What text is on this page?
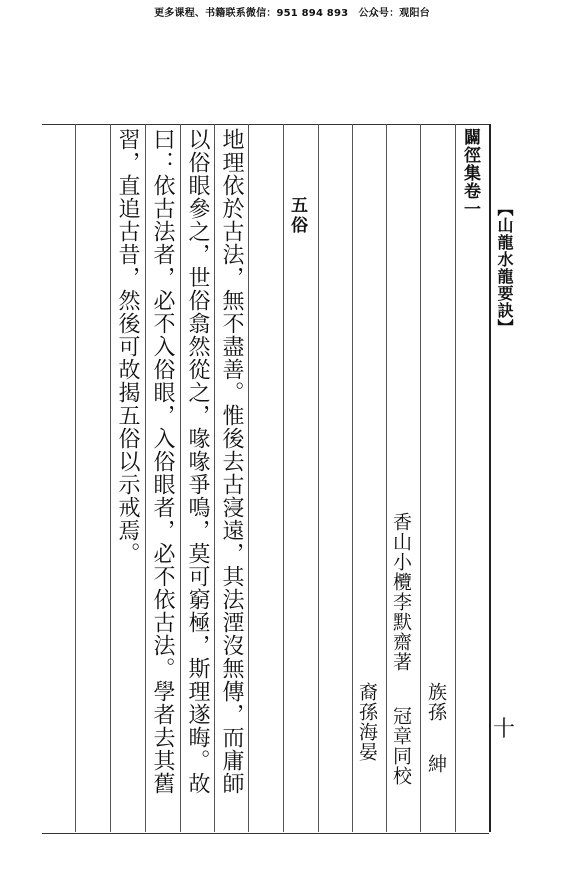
更多课程、书籍联系微信：951 894 893　公众号：观阳台
【山龍水龍要訣】
十
闢徑集卷一
族孫
紳
香山小欖李默齋著
冠章同校
裔孫海晏
五俗
地理依於古法，無不盡善。惟後去古寖遠，其法湮沒無傳，而庸師
以俗眼參之，世俗翕然從之，喙喙爭鳴，莫可窮極，斯理遂晦。故
曰：依古法者，必不入俗眼，入俗眼者，必不依古法。學者去其舊
習，直追古昔，然後可故揭五俗以示戒焉。
